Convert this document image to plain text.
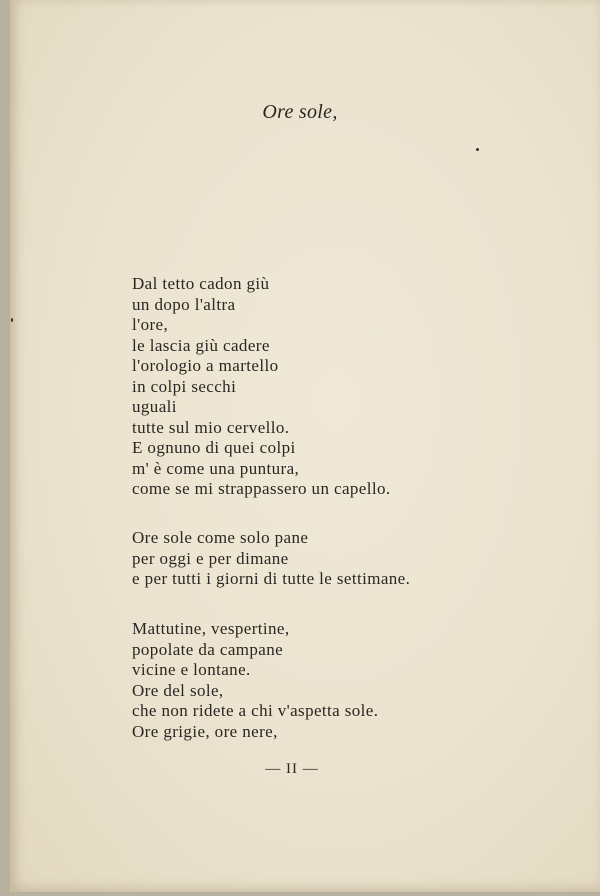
Ore sole,
Dal tetto cadon giù
un dopo l'altra
l'ore,
le lascia giù cadere
l'orologio a martello
in colpi secchi
uguali
tutte sul mio cervello.
E ognuno di quei colpi
m' è come una puntura,
come se mi strappassero un capello.
Ore sole come solo pane
per oggi e per dimane
e per tutti i giorni di tutte le settimane.
Mattutine, vespertine,
popolate da campane
vicine e lontane.
Ore del sole,
che non ridete a chi v'aspetta sole.
Ore grigie, ore nere,
— II —
